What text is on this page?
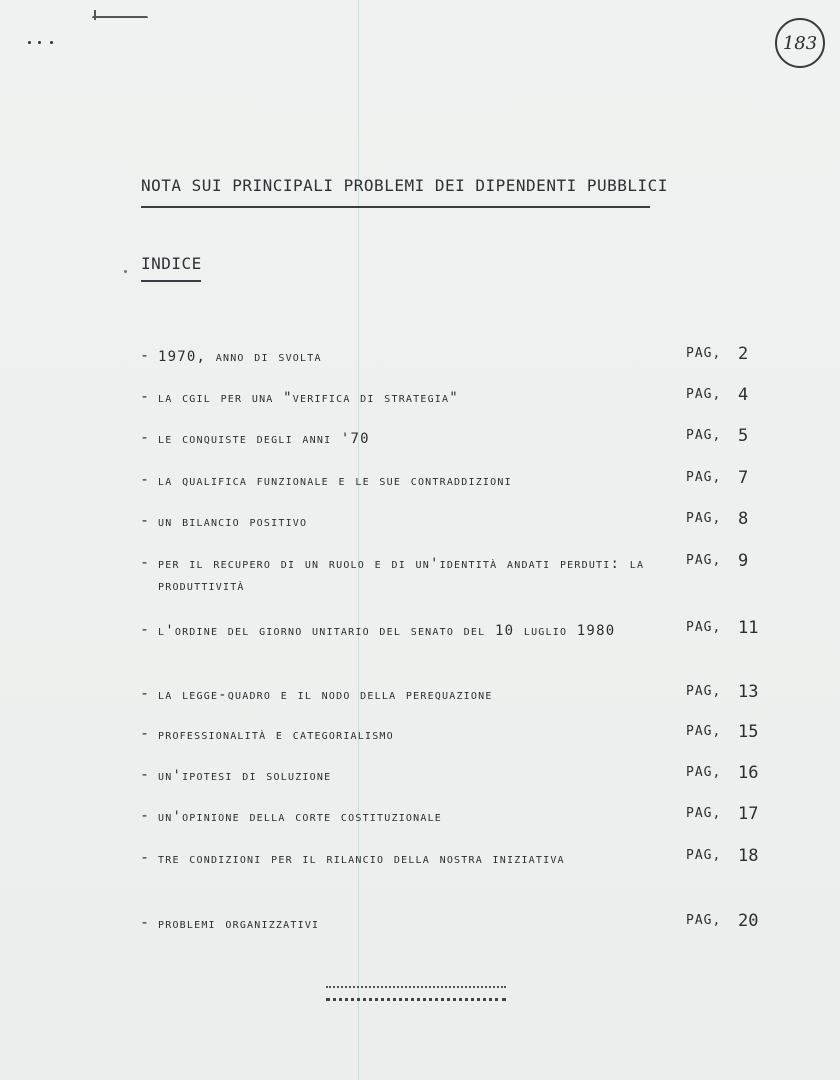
183
NOTA SUI PRINCIPALI PROBLEMI DEI DIPENDENTI PUBBLICI
INDICE
- 1970, anno di svolta	PAG, 2
- la cgil per una "verifica di strategia"	PAG, 4
- le conquiste degli anni '70	PAG, 5
- la qualifica funzionale e le sue contraddizioni	PAG, 7
- un bilancio positivo	PAG, 8
- per il recupero di un ruolo e di un'identità andati perduti: la produttività
PAG, 9
- l'ordine del giorno unitario del senato del 10 luglio 1980	PAG, 11
- la legge-quadro e il nodo della perequazione	PAG, 13
- professionalità e categorialismo	PAG, 15
- un'ipotesi di soluzione	PAG, 16
- un'opinione della corte costituzionale	PAG, 17
- tre condizioni per il rilancio della nostra iniziativa	PAG, 18
- problemi organizzativi	PAG, 20
